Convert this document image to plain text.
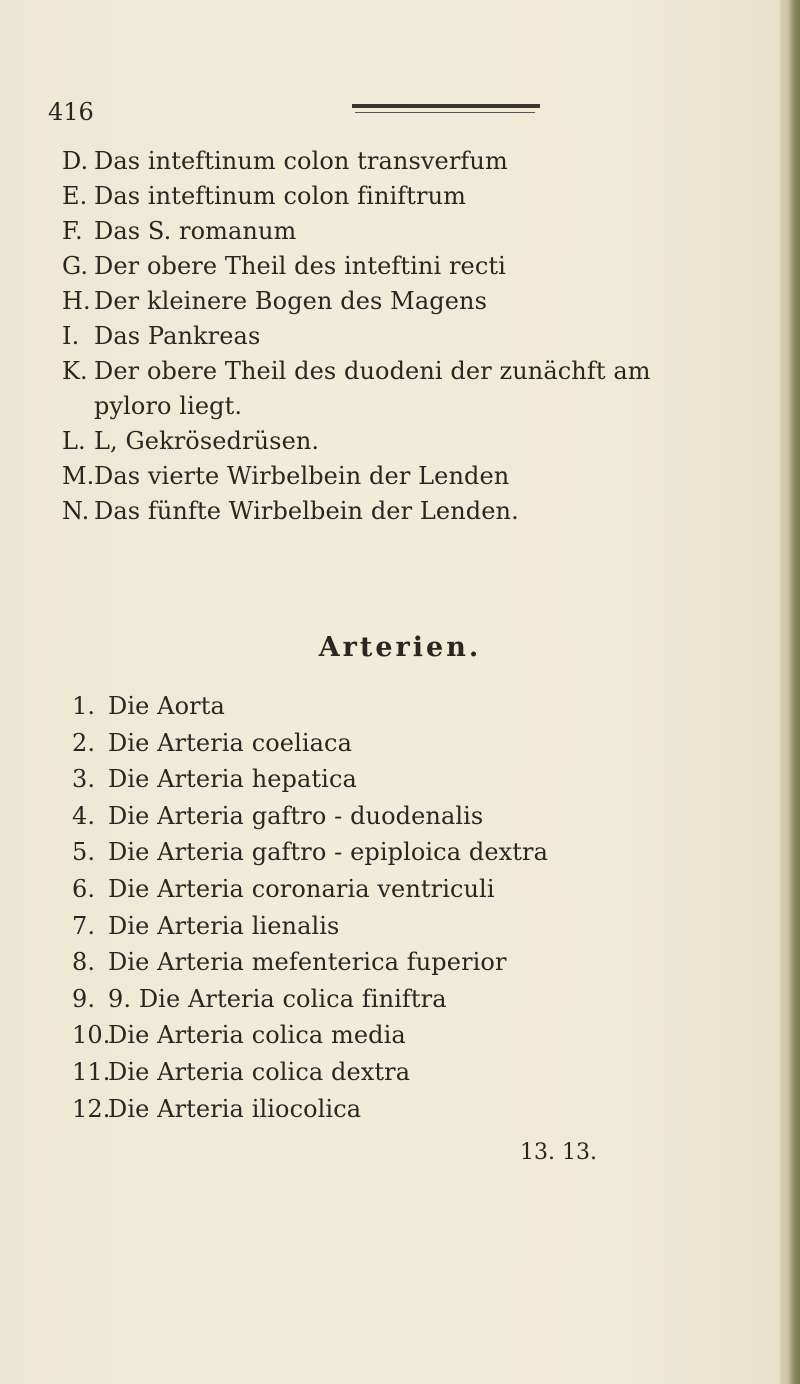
416
D. Das inteftinum colon transverfum
E. Das inteftinum colon finiftrum
F. Das S. romanum
G. Der obere Theil des inteftini recti
H. Der kleinere Bogen des Magens
I. Das Pankreas
K. Der obere Theil des duodeni der zunächft am
pyloro liegt.
L. L, Gekrösedrüsen.
M.Das vierte Wirbelbein der Lenden
N. Das fünfte Wirbelbein der Lenden.
Arterien.
1. Die Aorta
2. Die Arteria coeliaca
3. Die Arteria hepatica
4. Die Arteria gaftro - duodenalis
5. Die Arteria gaftro - epiploica dextra
6. Die Arteria coronaria ventriculi
7. Die Arteria lienalis
8. Die Arteria mefenterica fuperior
9. 9. Die Arteria colica finiftra
10.Die Arteria colica media
11.Die Arteria colica dextra
12.Die Arteria iliocolica
13. 13.
